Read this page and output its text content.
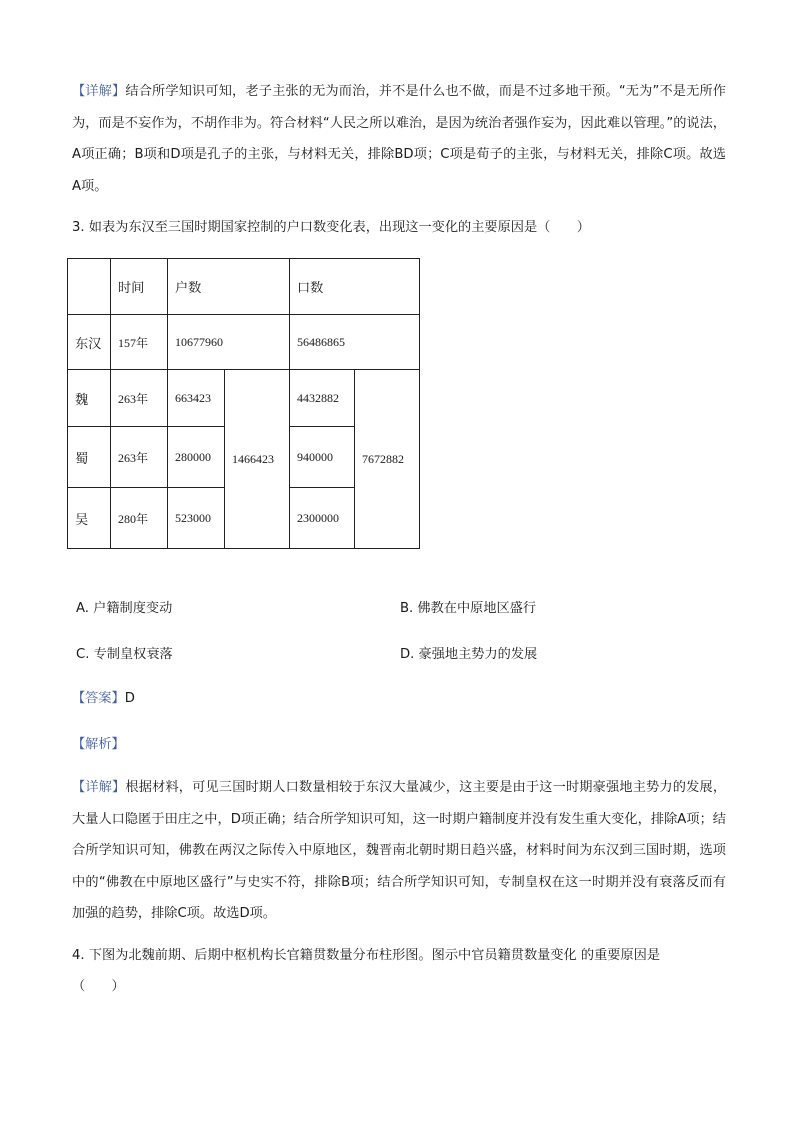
【详解】结合所学知识可知，老子主张的无为而治，并不是什么也不做，而是不过多地干预。“无为”不是无所作为，而是不妄作为，不胡作非为。符合材料“人民之所以难治，是因为统治者强作妄为，因此难以管理。”的说法，A项正确；B项和D项是孔子的主张，与材料无关，排除BD项；C项是荀子的主张，与材料无关，排除C项。故选A项。

3. 如表为东汉至三国时期国家控制的户口数变化表，出现这一变化的主要原因是（　　）

	时间	户数		口数	
东汉	157年	10677960		56486865	
魏	263年	663423	1466423	4432882	7672882
蜀	263年	280000		940000	
吴	280年	523000		2300000	
A. 户籍制度变动	B. 佛教在中原地区盛行
C. 专制皇权衰落	D. 豪强地主势力的发展
【答案】D
【解析】

【详解】根据材料，可见三国时期人口数量相较于东汉大量减少，这主要是由于这一时期豪强地主势力的发展，大量人口隐匿于田庄之中，D项正确；结合所学知识可知，这一时期户籍制度并没有发生重大变化，排除A项；结合所学知识可知，佛教在两汉之际传入中原地区，魏晋南北朝时期日趋兴盛，材料时间为东汉到三国时期，选项中的“佛教在中原地区盛行”与史实不符，排除B项；结合所学知识可知，专制皇权在这一时期并没有衰落反而有加强的趋势，排除C项。故选D项。

4. 下图为北魏前期、后期中枢机构长官籍贯数量分布柱形图。图示中官员籍贯数量变化 的重要原因是

（　　）
